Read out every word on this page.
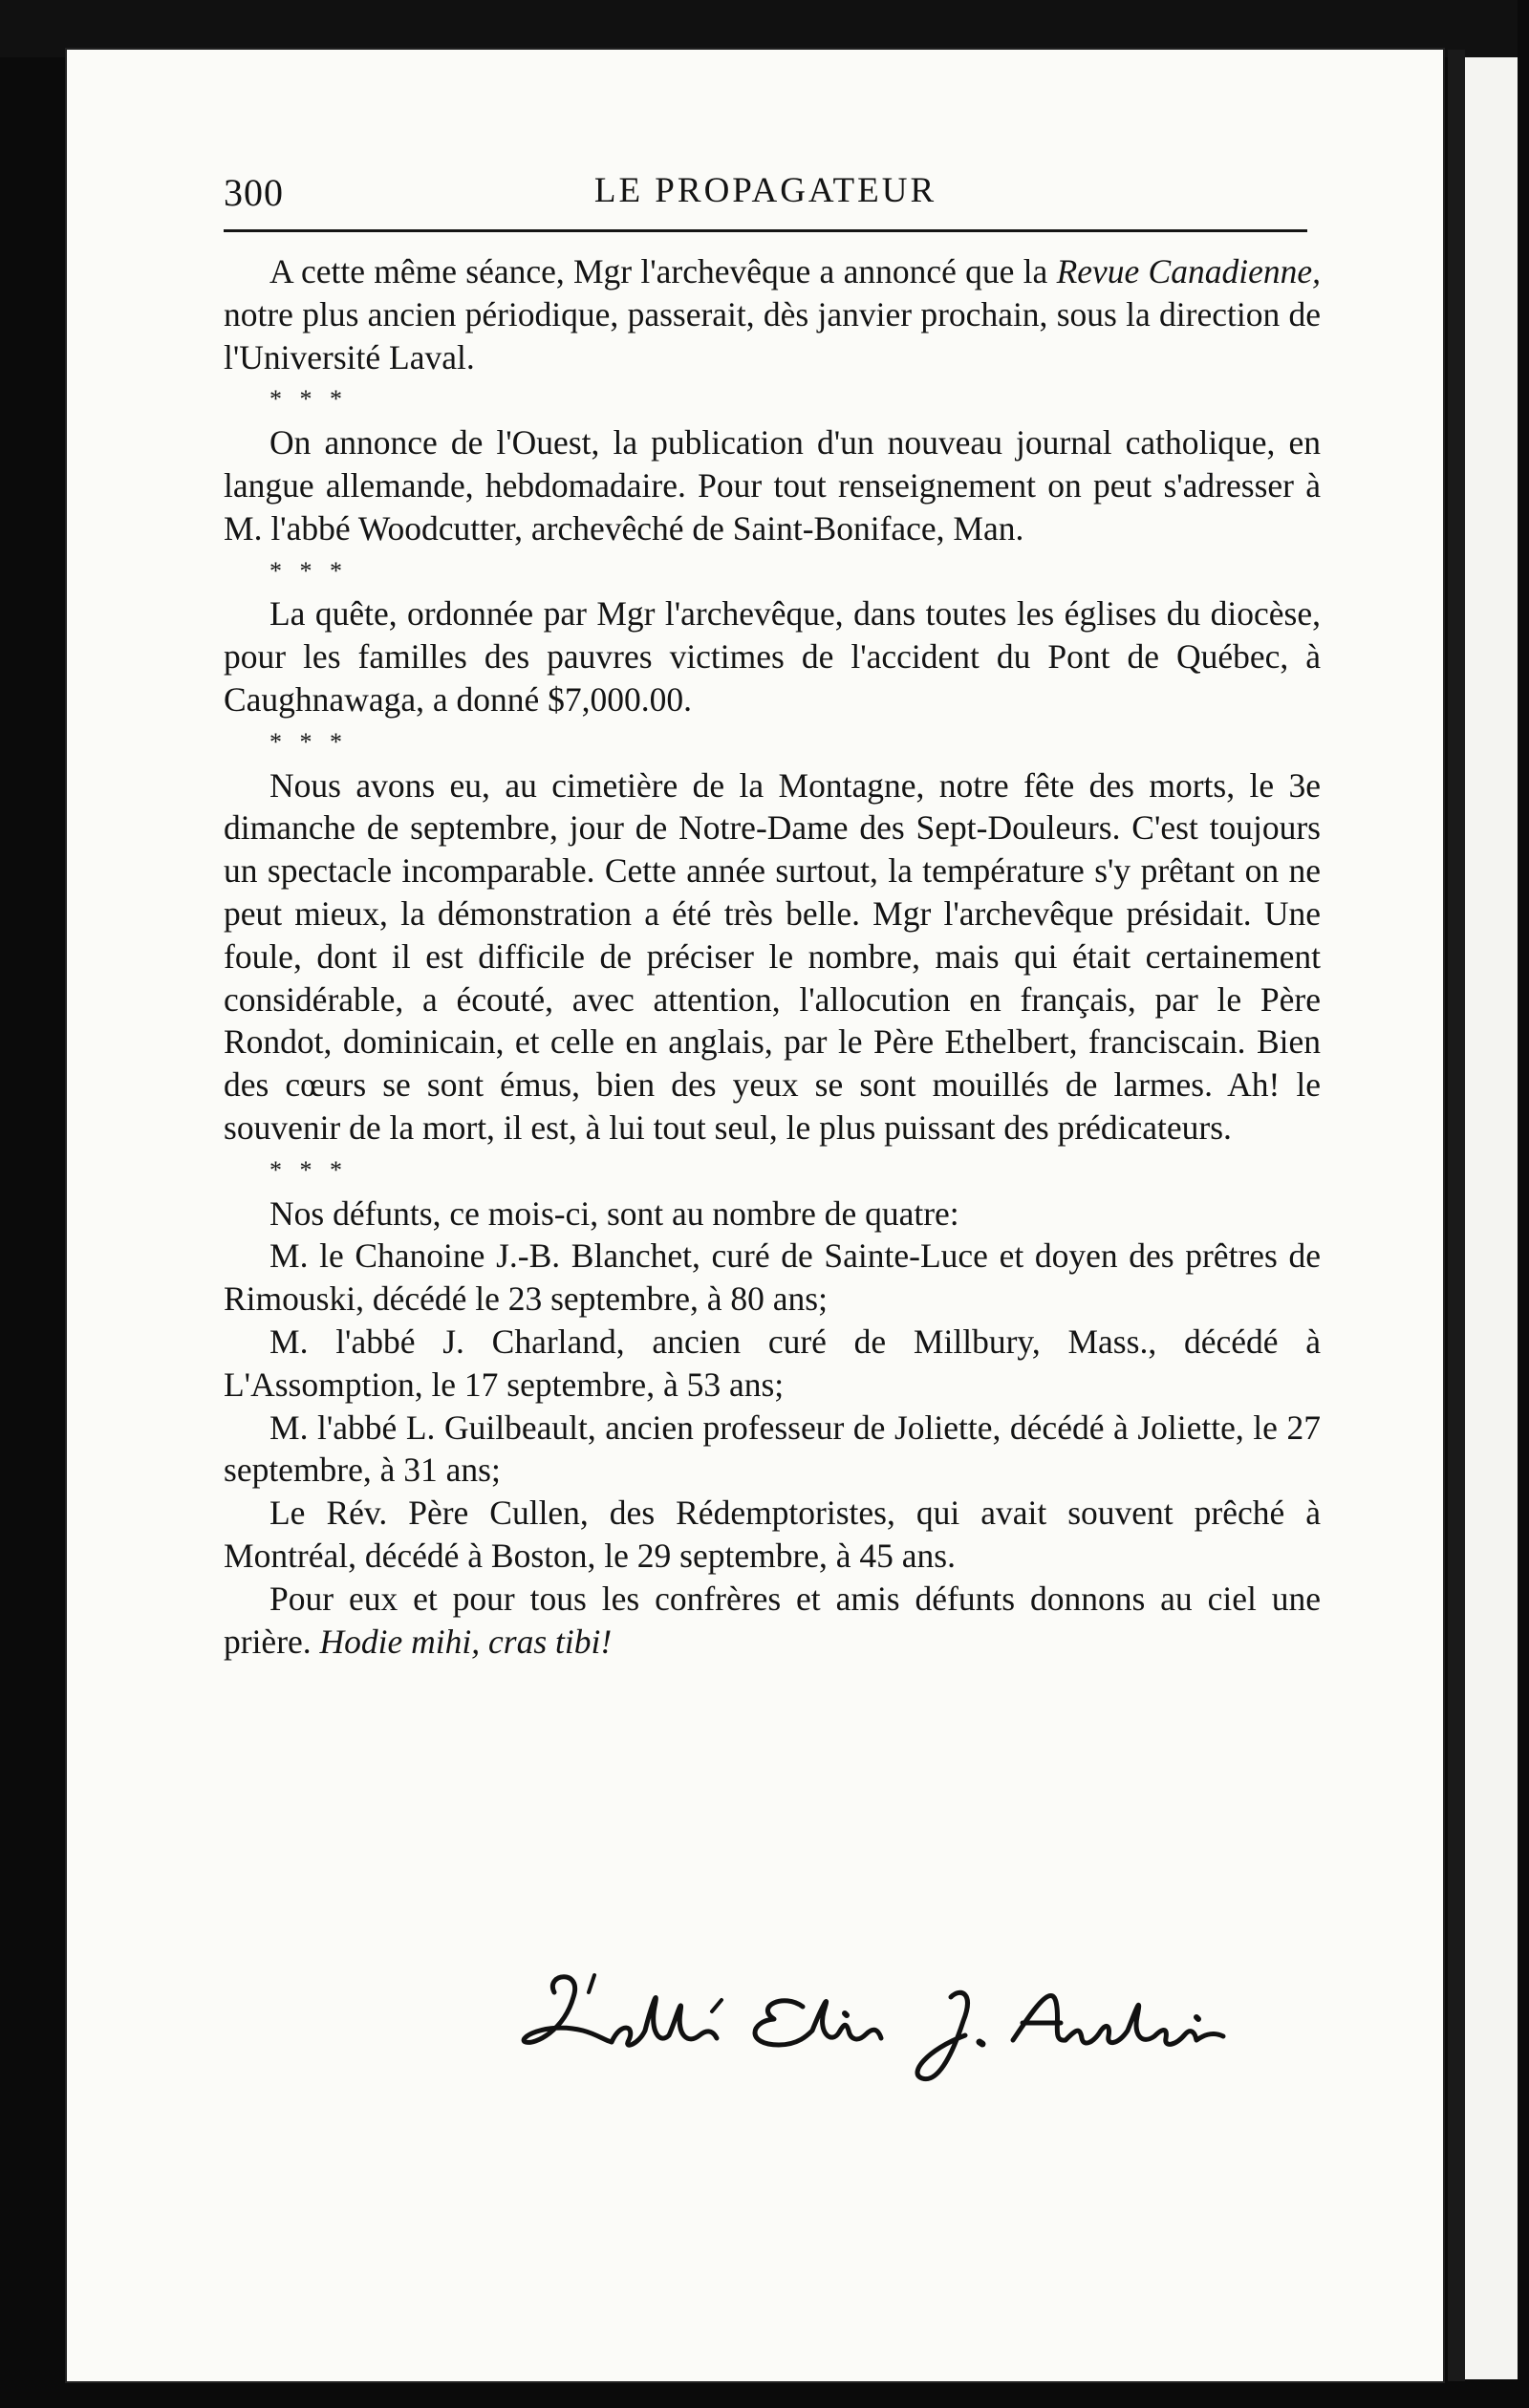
300	LE PROPAGATEUR

A cette même séance, Mgr l'archevêque a annoncé que la Revue Canadienne, notre plus ancien périodique, passerait, dès janvier prochain, sous la direction de l'Université Laval.

* * *

On annonce de l'Ouest, la publication d'un nouveau journal catholique, en langue allemande, hebdomadaire. Pour tout renseignement on peut s'adresser à M. l'abbé Woodcutter, archevêché de Saint-Boniface, Man.

* * *

La quête, ordonnée par Mgr l'archevêque, dans toutes les églises du diocèse, pour les familles des pauvres victimes de l'accident du Pont de Québec, à Caughnawaga, a donné $7,000.00.

* * *

Nous avons eu, au cimetière de la Montagne, notre fête des morts, le 3e dimanche de septembre, jour de Notre-Dame des Sept-Douleurs. C'est toujours un spectacle incomparable. Cette année surtout, la température s'y prêtant on ne peut mieux, la démonstration a été très belle. Mgr l'archevêque présidait. Une foule, dont il est difficile de préciser le nombre, mais qui était certainement considérable, a écouté, avec attention, l'allocution en français, par le Père Rondot, dominicain, et celle en anglais, par le Père Ethelbert, franciscain. Bien des cœurs se sont émus, bien des yeux se sont mouillés de larmes. Ah! le souvenir de la mort, il est, à lui tout seul, le plus puissant des prédicateurs.

* * *

Nos défunts, ce mois-ci, sont au nombre de quatre:

M. le Chanoine J.-B. Blanchet, curé de Sainte-Luce et doyen des prêtres de Rimouski, décédé le 23 septembre, à 80 ans;

M. l'abbé J. Charland, ancien curé de Millbury, Mass., décédé à L'Assomption, le 17 septembre, à 53 ans;

M. l'abbé L. Guilbeault, ancien professeur de Joliette, décédé à Joliette, le 27 septembre, à 31 ans;

Le Rév. Père Cullen, des Rédemptoristes, qui avait souvent prêché à Montréal, décédé à Boston, le 29 septembre, à 45 ans.

Pour eux et pour tous les confrères et amis défunts donnons au ciel une prière. Hodie mihi, cras tibi!
